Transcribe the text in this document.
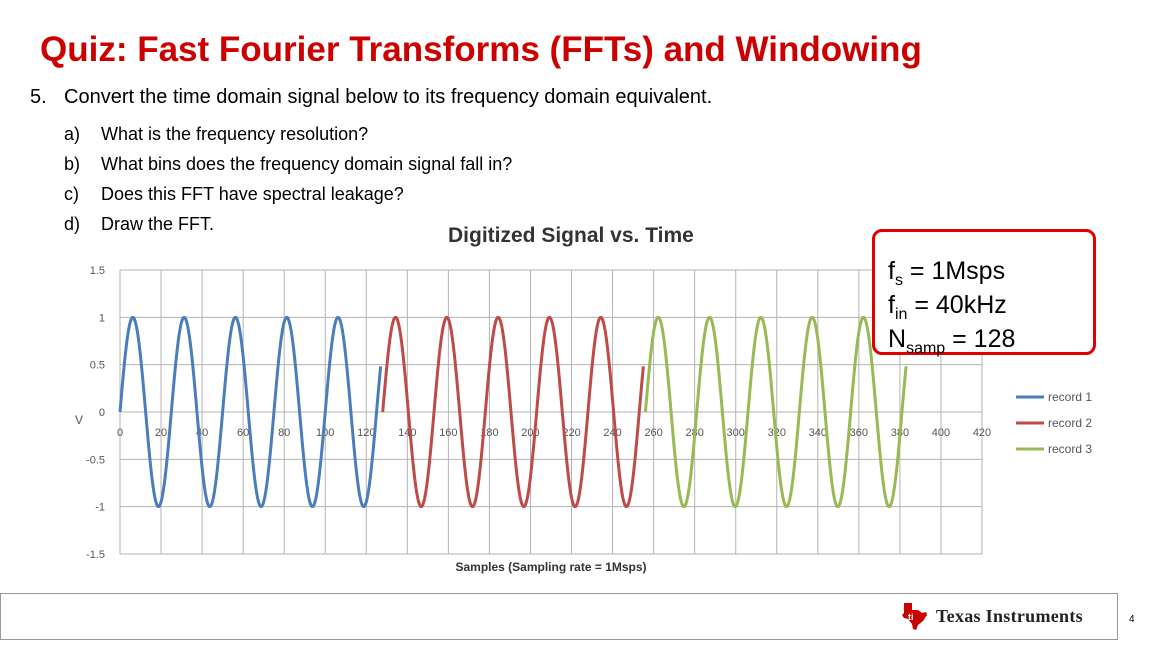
Quiz: Fast Fourier Transforms (FFTs) and Windowing
5. Convert the time domain signal below to its frequency domain equivalent.
a)	What is the frequency resolution?
b)	What bins does the frequency domain signal fall in?
c)	Does this FFT have spectral leakage?
d)	Draw the FFT.
-1.5
-1
-0.5
0
0.5
1
1.5
0	20	40	60	80 100 120 140 160 180 200 220 240 260 280 300 320 340 360 380 400 420
record 1
record 2
record 3
V
Samples (Sampling rate = 1Msps)
Digitized Signal vs. Time
$f_s$ = 1Msps
$f_{in} = 40kHz$
$N_{samp} = 128$
ti Texas Instruments	4
